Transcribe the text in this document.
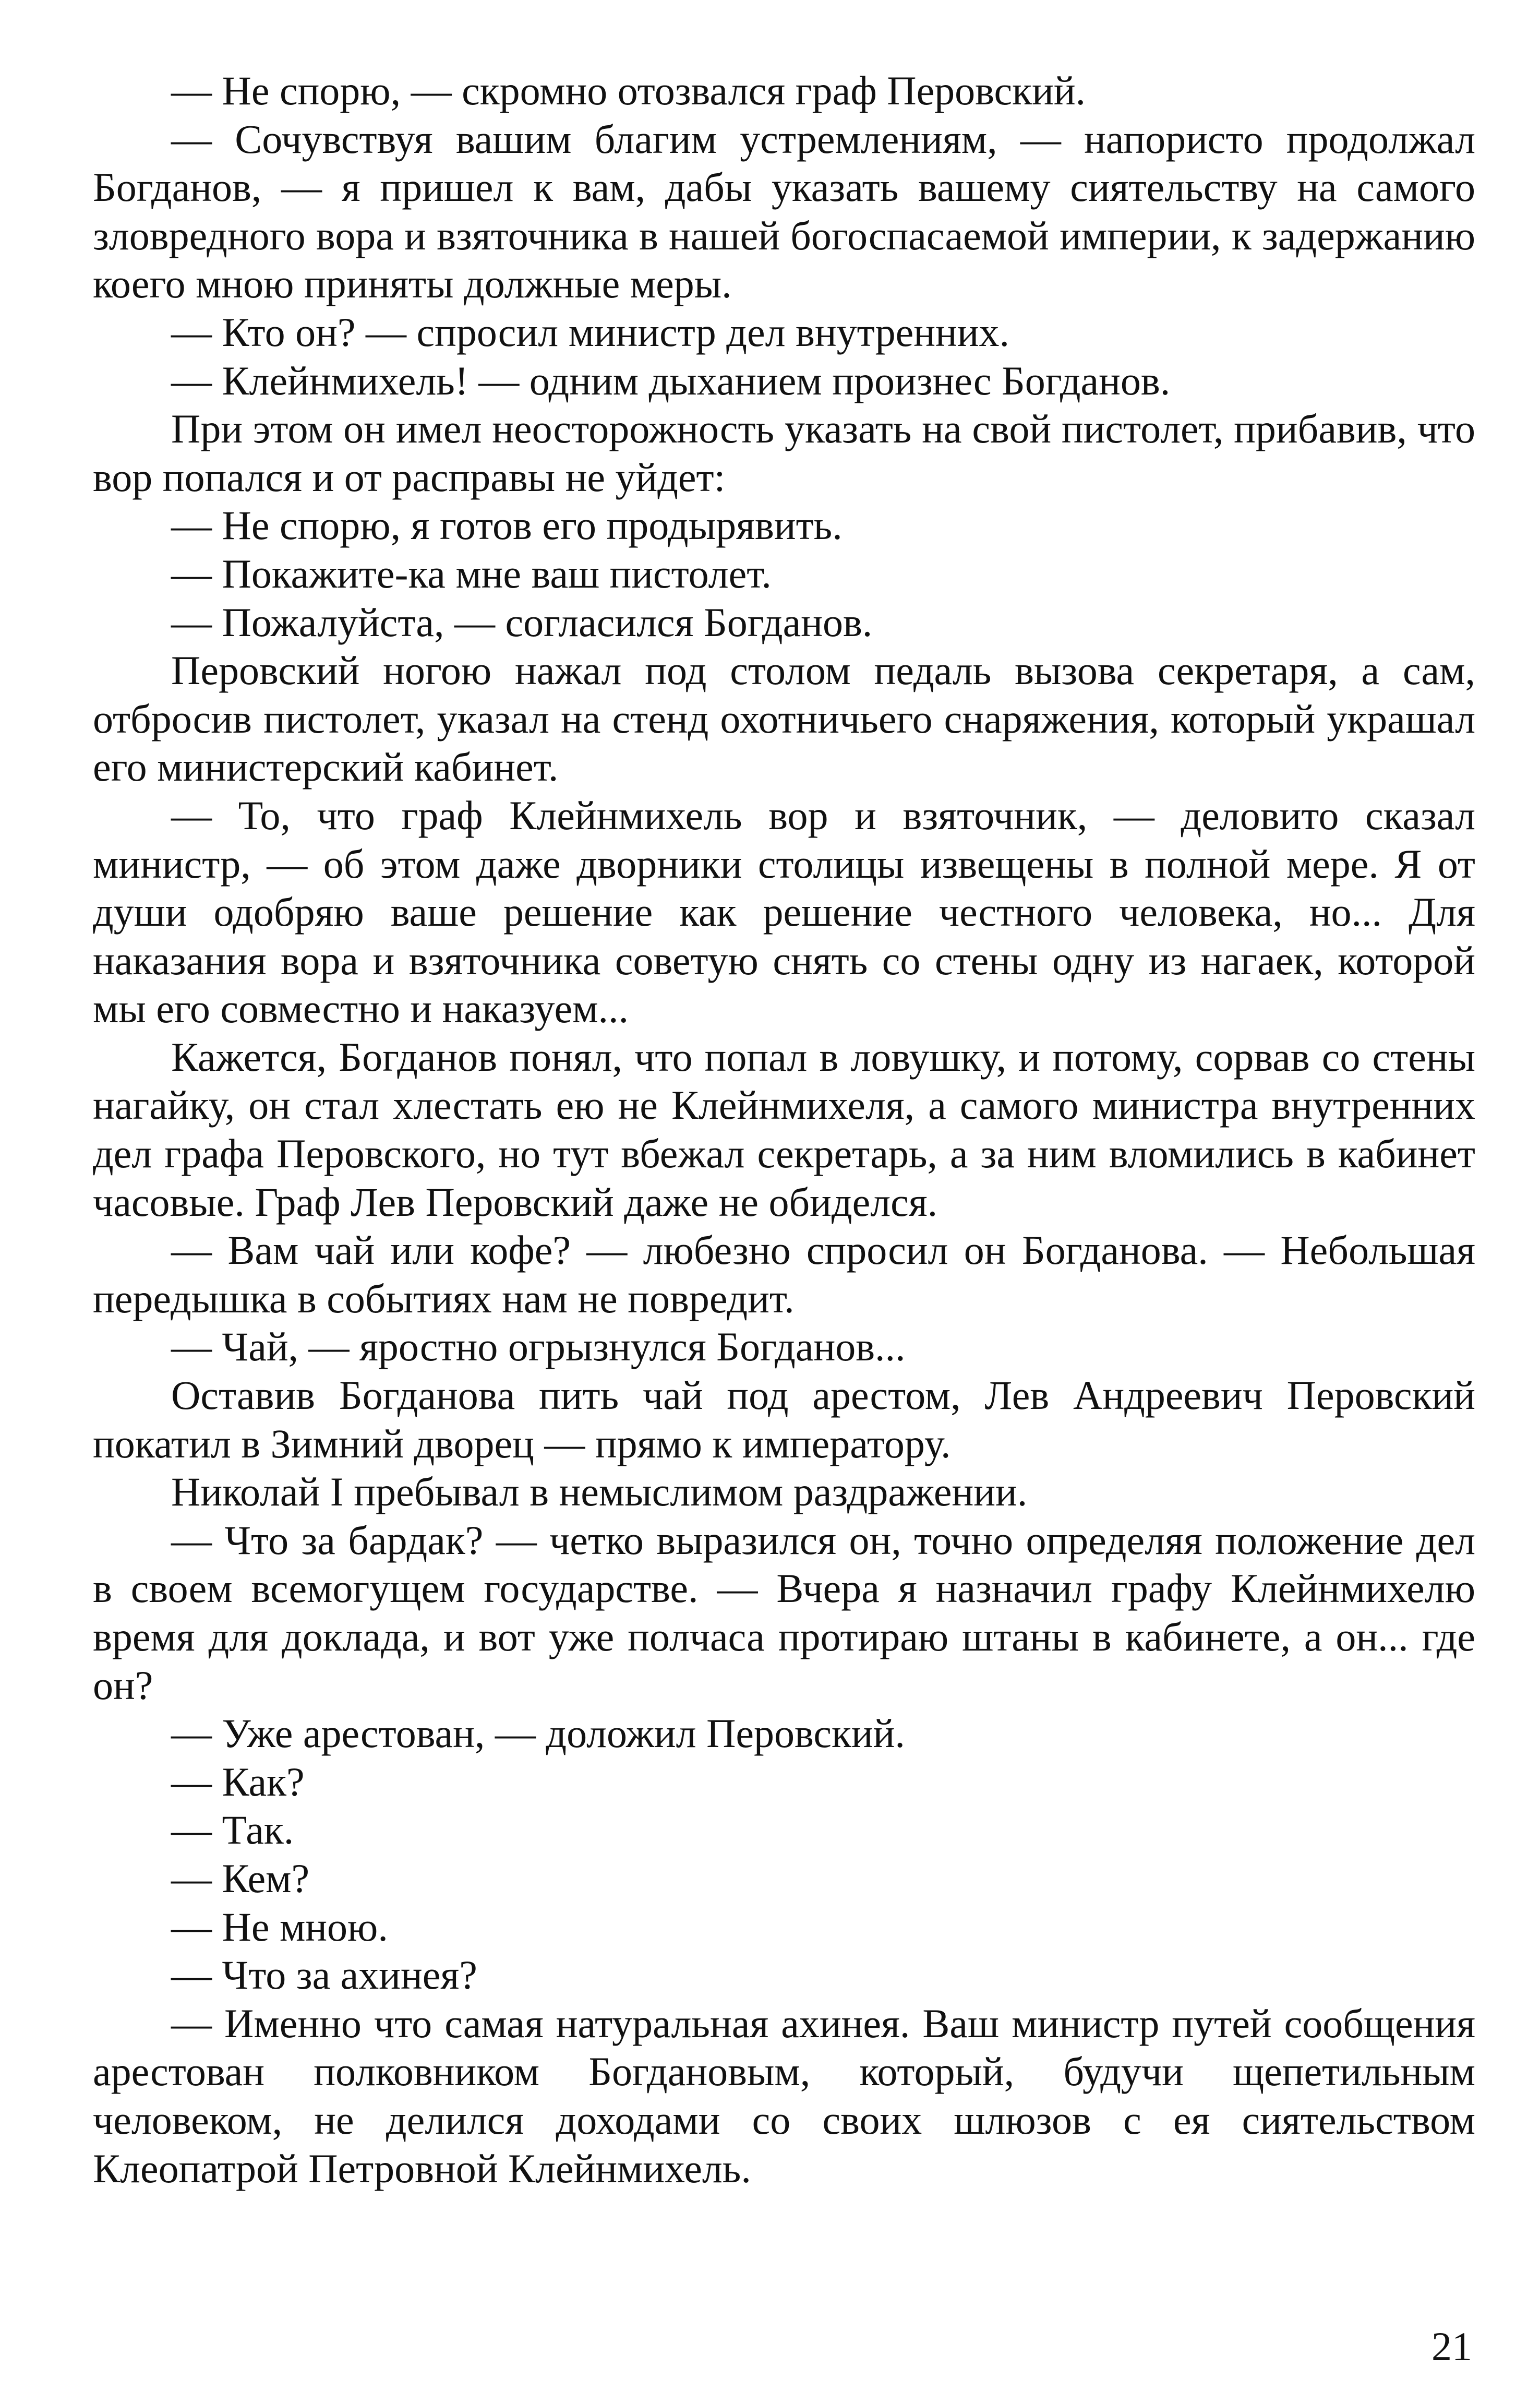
— Не спорю, — скромно отозвался граф Перовский.

— Сочувствуя вашим благим устремлениям, — напористо продолжал Богданов, — я пришел к вам, дабы указать вашему сиятельству на самого зловредного вора и взяточника в нашей богоспасаемой империи, к задержанию коего мною приняты должные меры.

— Кто он? — спросил министр дел внутренних.

— Клейнмихель! — одним дыханием произнес Богданов.

При этом он имел неосторожность указать на свой пистолет, прибавив, что вор попался и от расправы не уйдет:

— Не спорю, я готов его продырявить.

— Покажите-ка мне ваш пистолет.

— Пожалуйста, — согласился Богданов.

Перовский ногою нажал под столом педаль вызова секретаря, а сам, отбросив пистолет, указал на стенд охотничьего снаряжения, который украшал его министерский кабинет.

— То, что граф Клейнмихель вор и взяточник, — деловито сказал министр, — об этом даже дворники столицы извещены в полной мере. Я от души одобряю ваше решение как решение честного человека, но... Для наказания вора и взяточника советую снять со стены одну из нагаек, которой мы его совместно и наказуем...

Кажется, Богданов понял, что попал в ловушку, и потому, сорвав со стены нагайку, он стал хлестать ею не Клейнмихеля, а самого министра внутренних дел графа Перовского, но тут вбежал секретарь, а за ним вломились в кабинет часовые. Граф Лев Перовский даже не обиделся.

— Вам чай или кофе? — любезно спросил он Богданова. — Небольшая передышка в событиях нам не повредит.

— Чай, — яростно огрызнулся Богданов...

Оставив Богданова пить чай под арестом, Лев Андреевич Перовский покатил в Зимний дворец — прямо к императору.

Николай I пребывал в немыслимом раздражении.

— Что за бардак? — четко выразился он, точно определяя положение дел в своем всемогущем государстве. — Вчера я назначил графу Клейнмихелю время для доклада, и вот уже полчаса протираю штаны в кабинете, а он... где он?

— Уже арестован, — доложил Перовский.

— Как?

— Так.

— Кем?

— Не мною.

— Что за ахинея?

— Именно что самая натуральная ахинея. Ваш министр путей сообщения арестован полковником Богдановым, который, будучи щепетильным человеком, не делился доходами со своих шлюзов с ея сиятельством Клеопатрой Петровной Клейнмихель.

21
